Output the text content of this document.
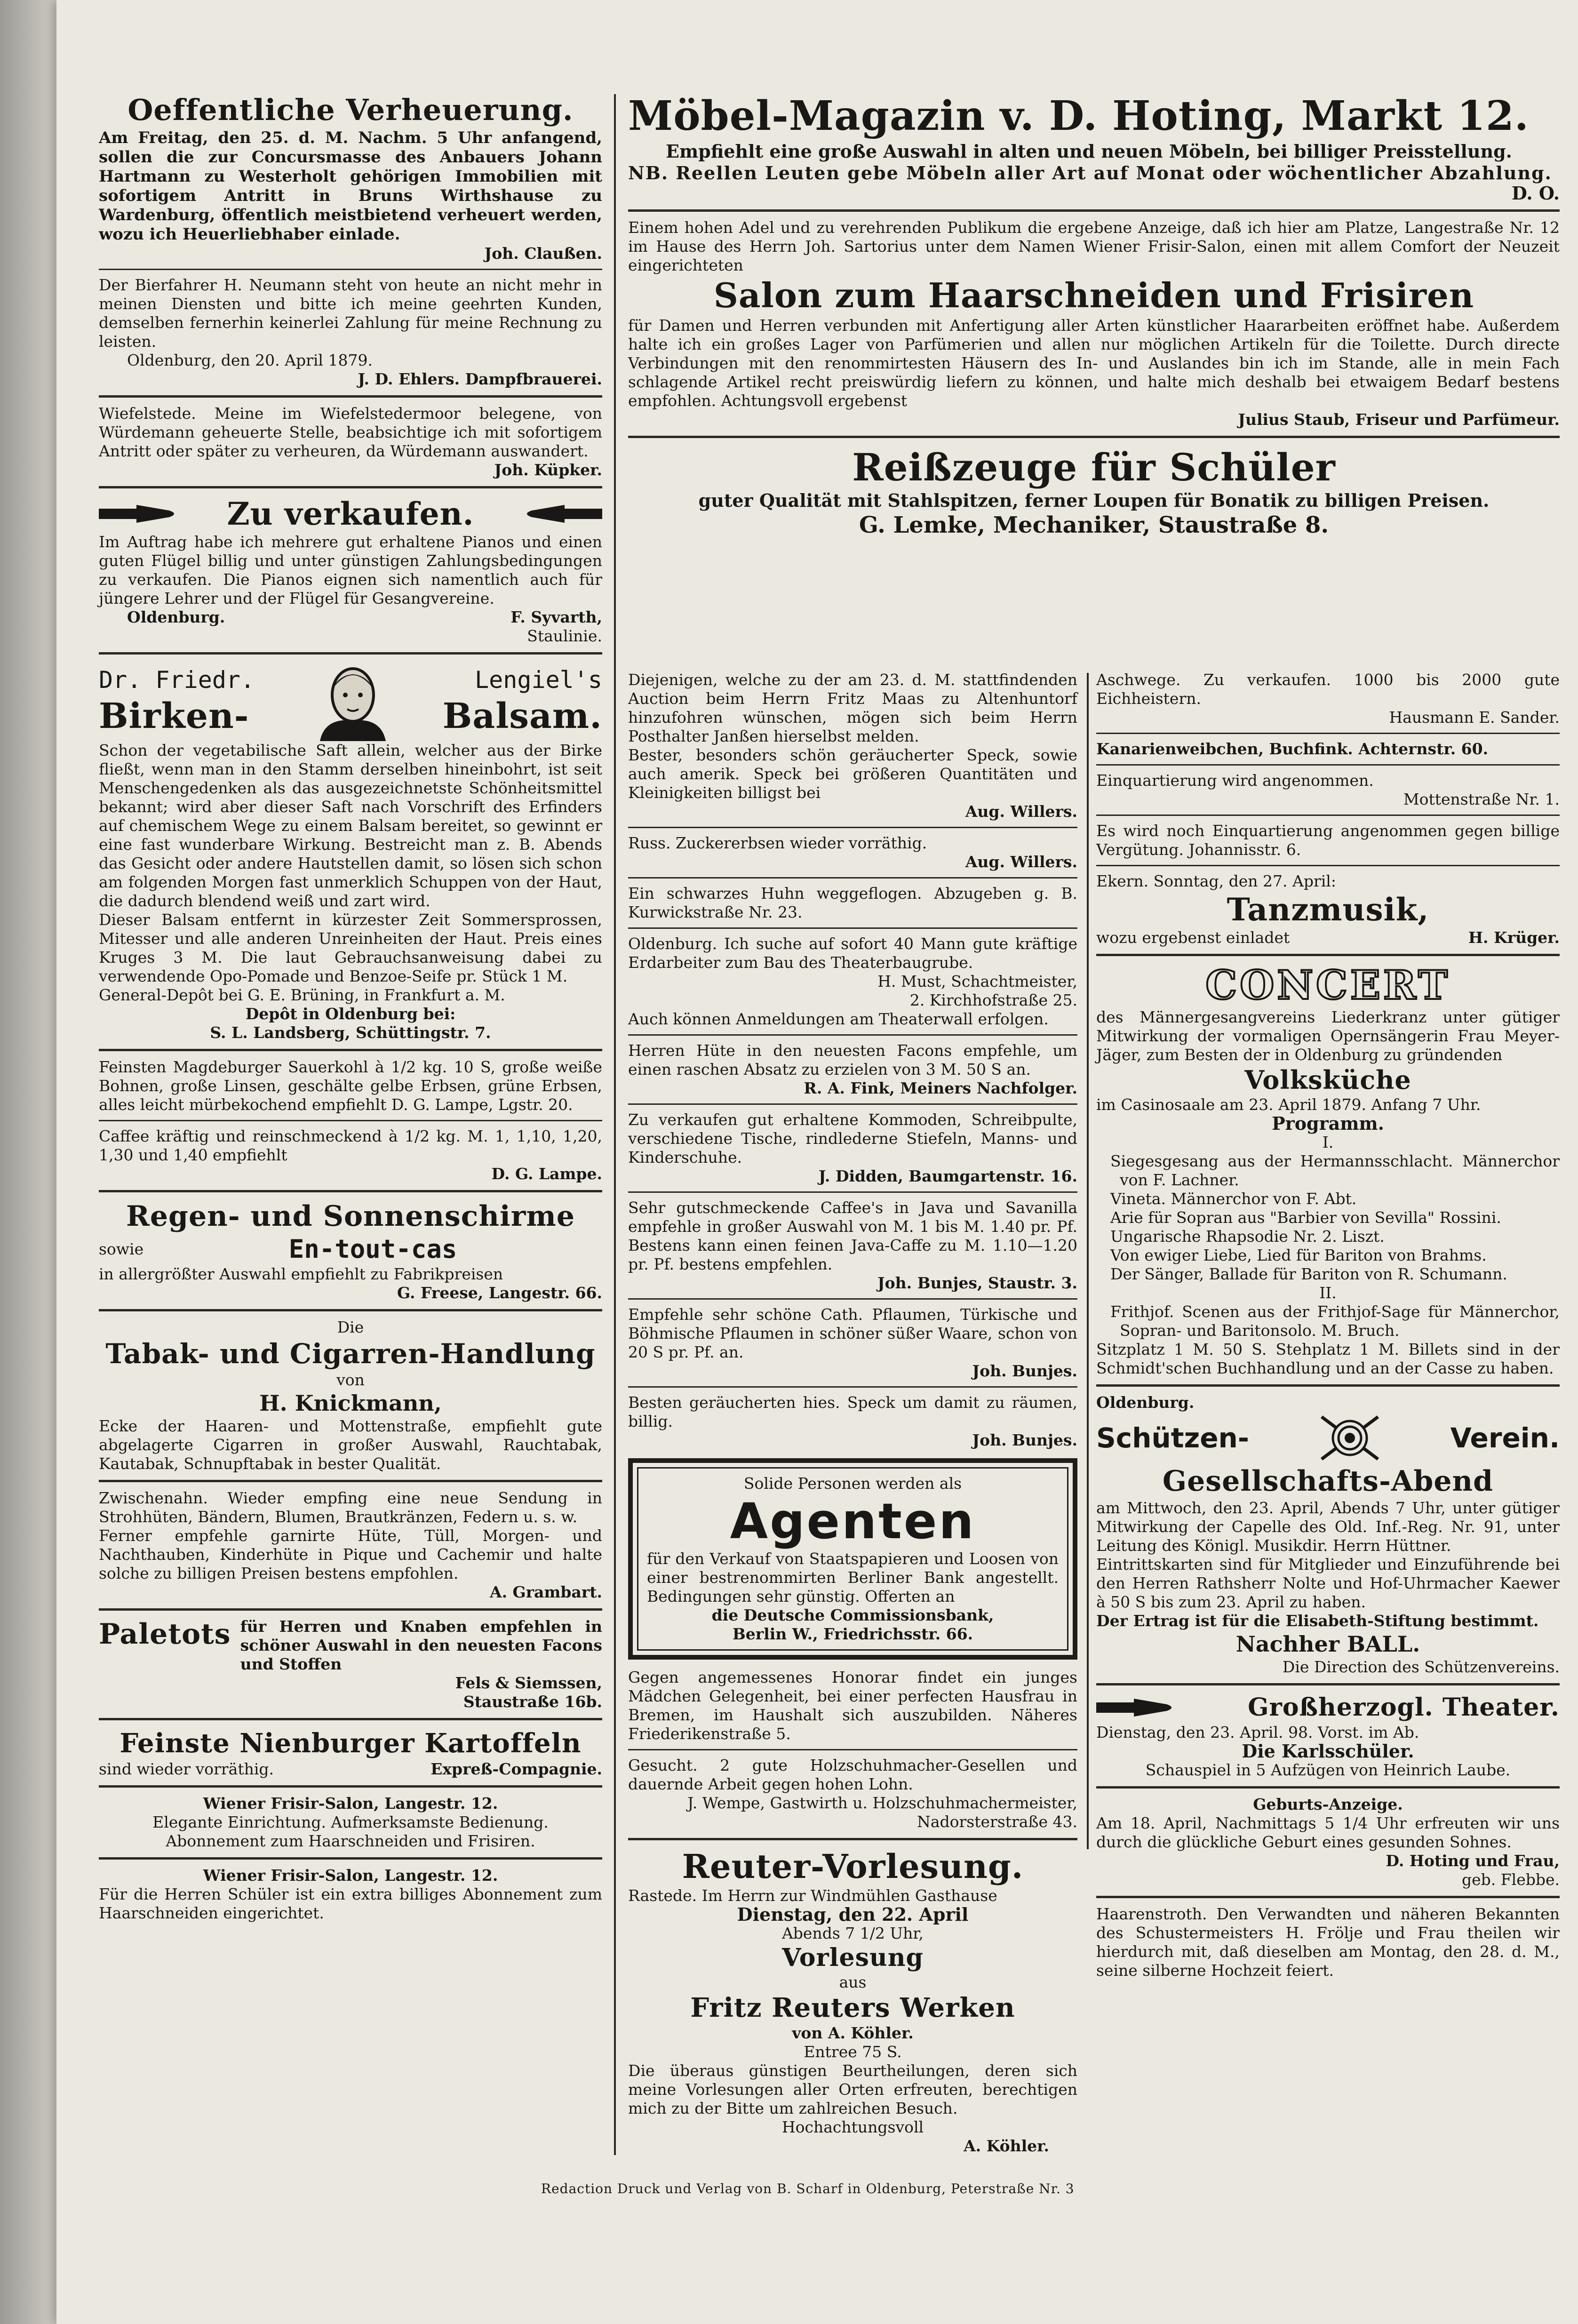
Oeffentliche Verheuerung.
Am Freitag, den 25. d. M. Nachm. 5 Uhr anfangend, sollen die zur Concursmasse des Anbauers Johann Hartmann zu Westerholt gehörigen Immobilien mit sofortigem Antritt in Bruns Wirthshause zu Wardenburg, öffentlich meistbietend verheuert werden, wozu ich Heuerliebhaber einlade.
Joh. Claußen.
Der Bierfahrer H. Neumann steht von heute an nicht mehr in meinen Diensten und bitte ich meine geehrten Kunden, demselben fernerhin keinerlei Zahlung für meine Rechnung zu leisten.
Oldenburg, den 20. April 1879.
J. D. Ehlers. Dampfbrauerei.
Wiefelstede. Meine im Wiefelstedermoor belegene, von Würdemann geheuerte Stelle, beabsichtige ich mit sofortigem Antritt oder später zu verheuren, da Würdemann auswandert.
Joh. Küpker.
Zu verkaufen.
Im Auftrag habe ich mehrere gut erhaltene Pianos und einen guten Flügel billig und unter günstigen Zahlungsbedingungen zu verkaufen. Die Pianos eignen sich namentlich auch für jüngere Lehrer und der Flügel für Gesangvereine.
Oldenburg.	F. Syvarth,
Staulinie.
Dr. Friedr.
Birken-
Lengiel's
Balsam.
Schon der vegetabilische Saft allein, welcher aus der Birke fließt, wenn man in den Stamm derselben hineinbohrt, ist seit Menschengedenken als das ausgezeichnetste Schönheitsmittel bekannt; wird aber dieser Saft nach Vorschrift des Erfinders auf chemischem Wege zu einem Balsam bereitet, so gewinnt er eine fast wunderbare Wirkung. Bestreicht man z. B. Abends das Gesicht oder andere Hautstellen damit, so lösen sich schon am folgenden Morgen fast unmerklich Schuppen von der Haut, die dadurch blendend weiß und zart wird.
Dieser Balsam entfernt in kürzester Zeit Sommersprossen, Mitesser und alle anderen Unreinheiten der Haut. Preis eines Kruges 3 M. Die laut Gebrauchsanweisung dabei zu verwendende Opo-Pomade und Benzoe-Seife pr. Stück 1 M.
General-Depôt bei G. E. Brüning, in Frankfurt a. M.
Depôt in Oldenburg bei:
S. L. Landsberg, Schüttingstr. 7.
Feinsten Magdeburger Sauerkohl à 1/2 kg. 10 S, große weiße Bohnen, große Linsen, geschälte gelbe Erbsen, grüne Erbsen, alles leicht mürbekochend empfiehlt D. G. Lampe, Lgstr. 20.
Caffee kräftig und reinschmeckend à 1/2 kg. M. 1, 1,10, 1,20, 1,30 und 1,40 empfiehlt
D. G. Lampe.
Regen- und Sonnenschirme
sowie	En-tout-cas
in allergrößter Auswahl empfiehlt zu Fabrikpreisen
G. Freese, Langestr. 66.
Die
Tabak- und Cigarren-Handlung
von
H. Knickmann,
Ecke der Haaren- und Mottenstraße, empfiehlt gute abgelagerte Cigarren in großer Auswahl, Rauchtabak, Kautabak, Schnupftabak in bester Qualität.
Zwischenahn. Wieder empfing eine neue Sendung in Strohhüten, Bändern, Blumen, Brautkränzen, Federn u. s. w.
Ferner empfehle garnirte Hüte, Tüll, Morgen- und Nachthauben, Kinderhüte in Pique und Cachemir und halte solche zu billigen Preisen bestens empfohlen.
A. Grambart.
Paletots für Herren und Knaben empfehlen in schöner Auswahl in den neuesten Facons und Stoffen
Fels & Siemssen,
Staustraße 16b.
Feinste Nienburger Kartoffeln
sind wieder vorräthig.	Expreß-Compagnie.
Wiener Frisir-Salon, Langestr. 12.
Elegante Einrichtung. Aufmerksamste Bedienung.
Abonnement zum Haarschneiden und Frisiren.
Wiener Frisir-Salon, Langestr. 12.
Für die Herren Schüler ist ein extra billiges Abonnement zum Haarschneiden eingerichtet.
Möbel-Magazin v. D. Hoting, Markt 12.
Empfiehlt eine große Auswahl in alten und neuen Möbeln, bei billiger Preisstellung.
NB. Reellen Leuten gebe Möbeln aller Art auf Monat oder wöchentlicher Abzahlung.
D. O.
Einem hohen Adel und zu verehrenden Publikum die ergebene Anzeige, daß ich hier am Platze, Langestraße Nr. 12 im Hause des Herrn Joh. Sartorius unter dem Namen Wiener Frisir-Salon, einen mit allem Comfort der Neuzeit eingerichteten
Salon zum Haarschneiden und Frisiren
für Damen und Herren verbunden mit Anfertigung aller Arten künstlicher Haararbeiten eröffnet habe. Außerdem halte ich ein großes Lager von Parfümerien und allen nur möglichen Artikeln für die Toilette. Durch directe Verbindungen mit den renommirtesten Häusern des In- und Auslandes bin ich im Stande, alle in mein Fach schlagende Artikel recht preiswürdig liefern zu können, und halte mich deshalb bei etwaigem Bedarf bestens empfohlen. Achtungsvoll ergebenst
Julius Staub, Friseur und Parfümeur.
Reißzeuge für Schüler
guter Qualität mit Stahlspitzen, ferner Loupen für Bonatik zu billigen Preisen.
G. Lemke, Mechaniker, Staustraße 8.
Diejenigen, welche zu der am 23. d. M. stattfindenden Auction beim Herrn Fritz Maas zu Altenhuntorf hinzufohren wünschen, mögen sich beim Herrn Posthalter Janßen hierselbst melden.
Bester, besonders schön geräucherter Speck, sowie auch amerik. Speck bei größeren Quantitäten und Kleinigkeiten billigst bei
Aug. Willers.
Russ. Zuckererbsen wieder vorräthig.
Aug. Willers.
Ein schwarzes Huhn weggeflogen. Abzugeben g. B. Kurwickstraße Nr. 23.
Oldenburg. Ich suche auf sofort 40 Mann gute kräftige Erdarbeiter zum Bau des Theaterbaugrube.
H. Must, Schachtmeister,
2. Kirchhofstraße 25.
Auch können Anmeldungen am Theaterwall erfolgen.
Herren Hüte in den neuesten Facons empfehle, um einen raschen Absatz zu erzielen von 3 M. 50 S an.
R. A. Fink, Meiners Nachfolger.
Zu verkaufen gut erhaltene Kommoden, Schreibpulte, verschiedene Tische, rindlederne Stiefeln, Manns- und Kinderschuhe.
J. Didden, Baumgartenstr. 16.
Sehr gutschmeckende Caffee's in Java und Savanilla empfehle in großer Auswahl von M. 1 bis M. 1.40 pr. Pf. Bestens kann einen feinen Java-Caffe zu M. 1.10—1.20 pr. Pf. bestens empfehlen.
Joh. Bunjes, Staustr. 3.
Empfehle sehr schöne Cath. Pflaumen, Türkische und Böhmische Pflaumen in schöner süßer Waare, schon von 20 S pr. Pf. an.
Joh. Bunjes.
Besten geräucherten hies. Speck um damit zu räumen, billig.
Joh. Bunjes.
Solide Personen werden als
Agenten
für den Verkauf von Staatspapieren und Loosen von einer bestrenommirten Berliner Bank angestellt. Bedingungen sehr günstig. Offerten an
die Deutsche Commissionsbank,
Berlin W., Friedrichsstr. 66.
Gegen angemessenes Honorar findet ein junges Mädchen Gelegenheit, bei einer perfecten Hausfrau in Bremen, im Haushalt sich auszubilden. Näheres Friederikenstraße 5.
Gesucht. 2 gute Holzschuhmacher-Gesellen und dauernde Arbeit gegen hohen Lohn.
J. Wempe, Gastwirth u. Holzschuhmachermeister,
Nadorsterstraße 43.
Reuter-Vorlesung.
Rastede. Im Herrn zur Windmühlen Gasthause
Dienstag, den 22. April
Abends 7 1/2 Uhr,
Vorlesung
aus
Fritz Reuters Werken
von A. Köhler.
Entree 75 S.
Die überaus günstigen Beurtheilungen, deren sich meine Vorlesungen aller Orten erfreuten, berechtigen mich zu der Bitte um zahlreichen Besuch.
Hochachtungsvoll
A. Köhler.
Aschwege. Zu verkaufen. 1000 bis 2000 gute Eichheistern.
Hausmann E. Sander.
Kanarienweibchen, Buchfink. Achternstr. 60.
Einquartierung wird angenommen.
Mottenstraße Nr. 1.
Es wird noch Einquartierung angenommen gegen billige Vergütung. Johannisstr. 6.
Ekern. Sonntag, den 27. April:
Tanzmusik,
wozu ergebenst einladet	H. Krüger.
CONCERT
des Männergesangvereins Liederkranz unter gütiger Mitwirkung der vormaligen Opernsängerin Frau Meyer-Jäger, zum Besten der in Oldenburg zu gründenden
Volksküche
im Casinosaale am 23. April 1879. Anfang 7 Uhr.
Programm.
I.
Siegesgesang aus der Hermannsschlacht. Männerchor von F. Lachner.
Vineta. Männerchor von F. Abt.
Arie für Sopran aus "Barbier von Sevilla" Rossini.
Ungarische Rhapsodie Nr. 2. Liszt.
Von ewiger Liebe, Lied für Bariton von Brahms.
Der Sänger, Ballade für Bariton von R. Schumann.
II.
Frithjof. Scenen aus der Frithjof-Sage für Männerchor, Sopran- und Baritonsolo. M. Bruch.
Sitzplatz 1 M. 50 S. Stehplatz 1 M. Billets sind in der Schmidt'schen Buchhandlung und an der Casse zu haben.
Oldenburg.
Schützen-	Verein.
Gesellschafts-Abend
am Mittwoch, den 23. April, Abends 7 Uhr, unter gütiger Mitwirkung der Capelle des Old. Inf.-Reg. Nr. 91, unter Leitung des Königl. Musikdir. Herrn Hüttner.
Eintrittskarten sind für Mitglieder und Einzuführende bei den Herren Rathsherr Nolte und Hof-Uhrmacher Kaewer à 50 S bis zum 23. April zu haben.
Der Ertrag ist für die Elisabeth-Stiftung bestimmt.
Nachher BALL.
Die Direction des Schützenvereins.
Großherzogl. Theater.
Dienstag, den 23. April. 98. Vorst. im Ab.
Die Karlsschüler.
Schauspiel in 5 Aufzügen von Heinrich Laube.
Geburts-Anzeige.
Am 18. April, Nachmittags 5 1/4 Uhr erfreuten wir uns durch die glückliche Geburt eines gesunden Sohnes.
D. Hoting und Frau,
geb. Flebbe.
Haarenstroth. Den Verwandten und näheren Bekannten des Schustermeisters H. Frölje und Frau theilen wir hierdurch mit, daß dieselben am Montag, den 28. d. M., seine silberne Hochzeit feiert.
Redaction Druck und Verlag von B. Scharf in Oldenburg, Peterstraße Nr. 3
